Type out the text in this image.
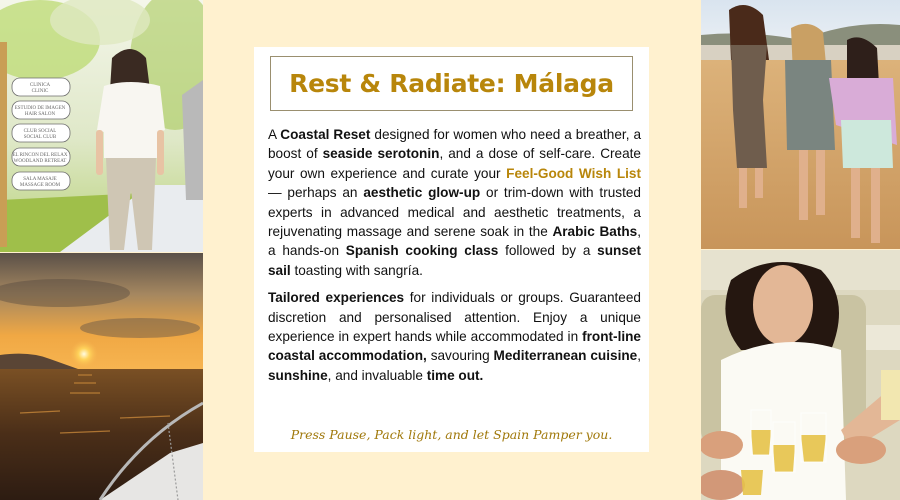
CLINICA
CLINIC
ESTUDIO DE IMAGEN
HAIR SALON
CLUB SOCIAL
SOCIAL CLUB
EL RINCON DEL RELAX
WOODLAND RETREAT
SALA MASAJE
MASSAGE ROOM
Rest & Radiate: Málaga

A Coastal Reset designed for women who need a breather, a boost of seaside serotonin, and a dose of self-care. Create your own experience and curate your Feel-Good Wish List — perhaps an aesthetic glow-up or trim-down with trusted experts in advanced medical and aesthetic treatments, a rejuvenating massage and serene soak in the Arabic Baths, a hands-on Spanish cooking class followed by a sunset sail toasting with sangría.

Tailored experiences for individuals or groups. Guaranteed discretion and personalised attention. Enjoy a unique experience in expert hands while accommodated in front-line coastal accommodation, savouring Mediterranean cuisine, sunshine, and invaluable time out.

Press Pause, Pack light, and let Spain Pamper you.
